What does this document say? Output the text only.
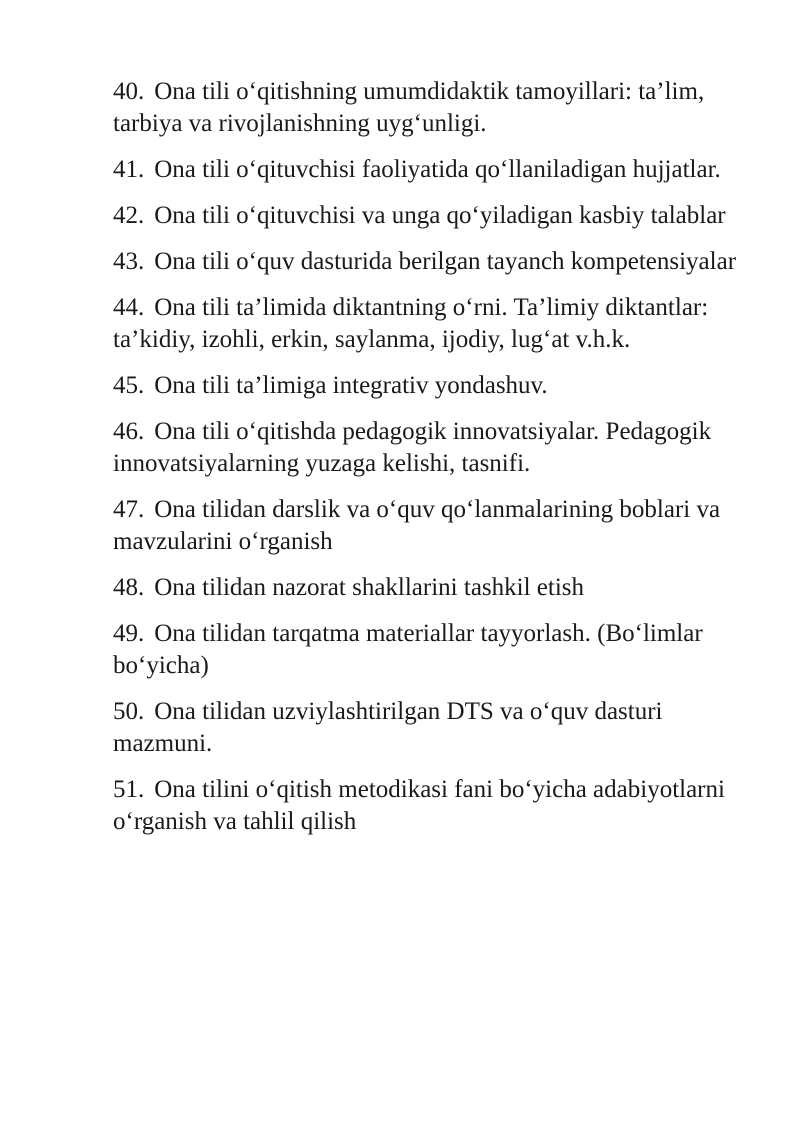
40. Ona tili o‘qitishning umumdidaktik tamoyillari: ta’lim, tarbiya va rivojlanishning uyg‘unligi.
41. Ona tili o‘qituvchisi faoliyatida qo‘llaniladigan hujjatlar.
42. Ona tili o‘qituvchisi va unga qo‘yiladigan kasbiy talablar
43. Ona tili o‘quv dasturida berilgan tayanch kompetensiyalar
44. Ona tili ta’limida diktantning o‘rni. Ta’limiy diktantlar: ta’kidiy, izohli, erkin, saylanma, ijodiy, lug‘at v.h.k.
45. Ona tili ta’limiga integrativ yondashuv.
46. Ona tili o‘qitishda pedagogik innovatsiyalar. Pedagogik innovatsiyalarning yuzaga kelishi, tasnifi.
47. Ona tilidan darslik va o‘quv qo‘lanmalarining boblari va mavzularini o‘rganish
48. Ona tilidan nazorat shakllarini tashkil etish
49. Ona tilidan tarqatma materiallar tayyorlash. (Bo‘limlar bo‘yicha)
50. Ona tilidan uzviylashtirilgan DTS va o‘quv dasturi mazmuni.
51. Ona tilini o‘qitish metodikasi fani bo‘yicha adabiyotlarni o‘rganish va tahlil qilish
